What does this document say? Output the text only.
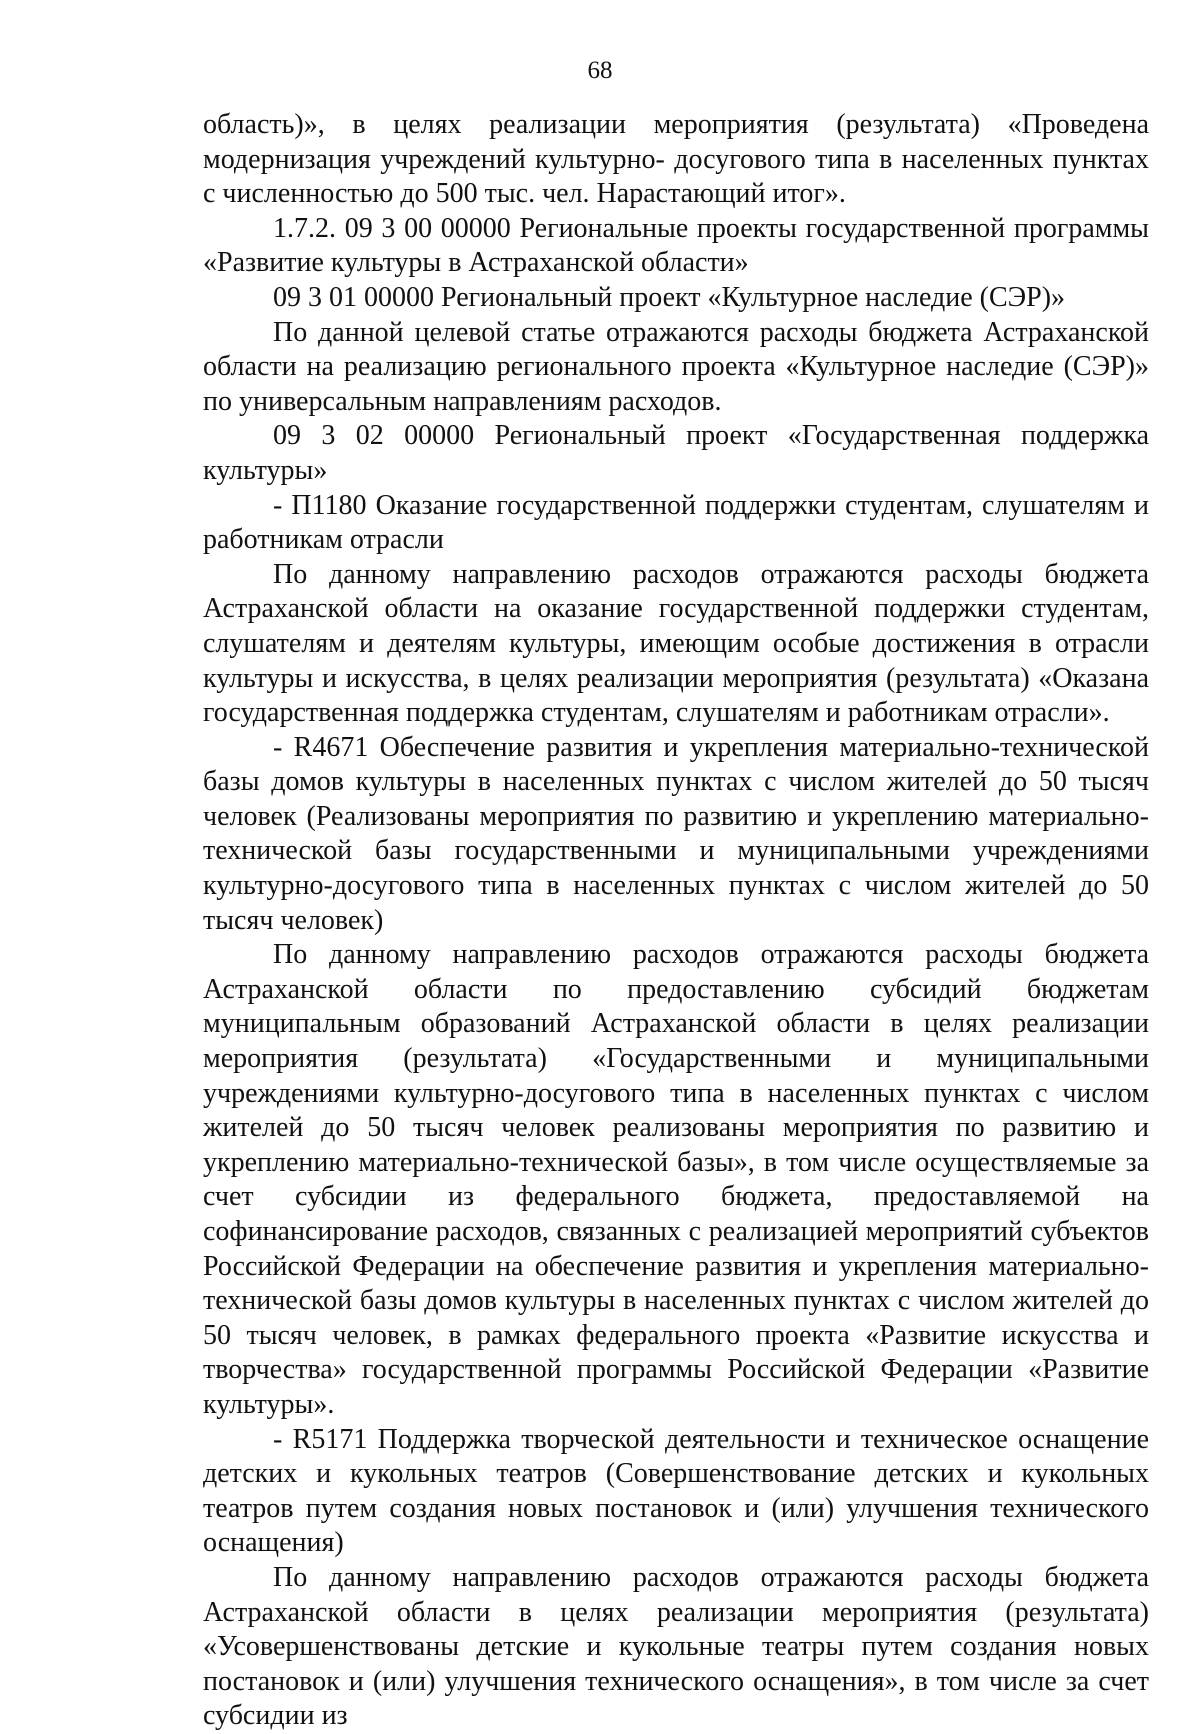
68

область)», в целях реализации мероприятия (результата) «Проведена модернизация учреждений культурно- досугового типа в населенных пунктах с численностью до 500 тыс. чел. Нарастающий итог».

1.7.2. 09 3 00 00000 Региональные проекты государственной программы «Развитие культуры в Астраханской области»

09 3 01 00000 Региональный проект «Культурное наследие (СЭР)»

По данной целевой статье отражаются расходы бюджета Астраханской области на реализацию регионального проекта «Культурное наследие (СЭР)» по универсальным направлениям расходов.

09 3 02 00000 Региональный проект «Государственная поддержка культуры»

- П1180 Оказание государственной поддержки студентам, слушателям и работникам отрасли

По данному направлению расходов отражаются расходы бюджета Астраханской области на оказание государственной поддержки студентам, слушателям и деятелям культуры, имеющим особые достижения в отрасли культуры и искусства, в целях реализации мероприятия (результата) «Оказана государственная поддержка студентам, слушателям и работникам отрасли».

- R4671 Обеспечение развития и укрепления материально-технической базы домов культуры в населенных пунктах с числом жителей до 50 тысяч человек (Реализованы мероприятия по развитию и укреплению материально-технической базы государственными и муниципальными учреждениями культурно-досугового типа в населенных пунктах с числом жителей до 50 тысяч человек)

По данному направлению расходов отражаются расходы бюджета Астраханской области по предоставлению субсидий бюджетам муниципальным образований Астраханской области в целях реализации мероприятия (результата) «Государственными и муниципальными учреждениями культурно-досугового типа в населенных пунктах с числом жителей до 50 тысяч человек реализованы мероприятия по развитию и укреплению материально-технической базы», в том числе осуществляемые за счет субсидии из федерального бюджета, предоставляемой на софинансирование расходов, связанных с реализацией мероприятий субъектов Российской Федерации на обеспечение развития и укрепления материально-технической базы домов культуры в населенных пунктах с числом жителей до 50 тысяч человек, в рамках федерального проекта «Развитие искусства и творчества» государственной программы Российской Федерации «Развитие культуры».

- R5171 Поддержка творческой деятельности и техническое оснащение детских и кукольных театров (Совершенствование детских и кукольных театров путем создания новых постановок и (или) улучшения технического оснащения)

По данному направлению расходов отражаются расходы бюджета Астраханской области в целях реализации мероприятия (результата) «Усовершенствованы детские и кукольные театры путем создания новых постановок и (или) улучшения технического оснащения», в том числе за счет субсидии из
